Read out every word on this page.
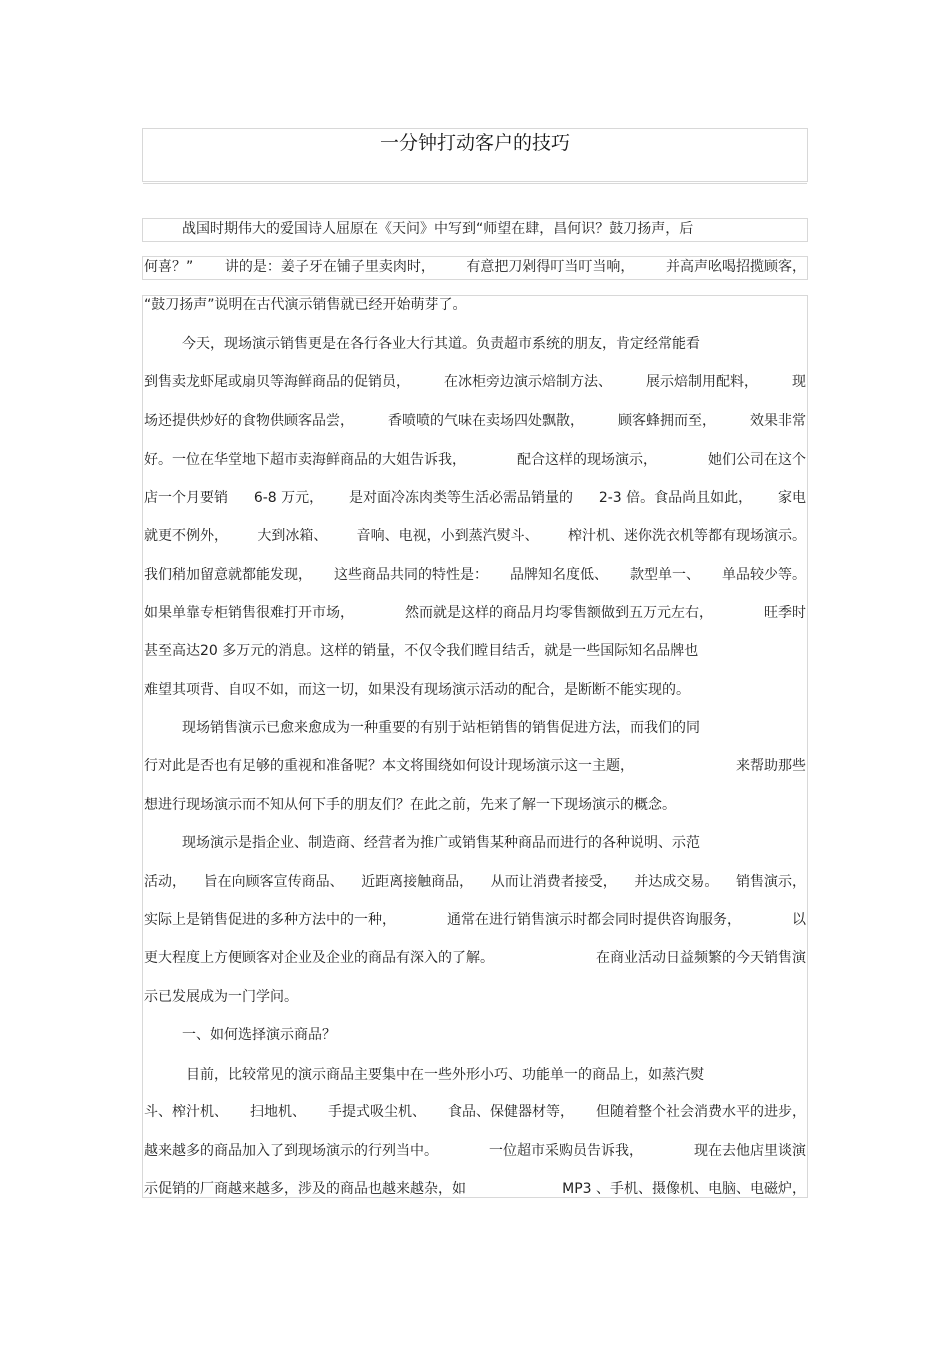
一分钟打动客户的技巧
战国时期伟大的爱国诗人屈原在《天问》中写到“师望在肆，昌何识？鼓刀扬声，后
何喜？” 讲的是：姜子牙在铺子里卖肉时， 有意把刀剁得叮当叮当响， 并高声吆喝招揽顾客，
“鼓刀扬声”说明在古代演示销售就已经开始萌芽了。
今天，现场演示销售更是在各行各业大行其道。负责超市系统的朋友，肯定经常能看
到售卖龙虾尾或扇贝等海鲜商品的促销员， 在冰柜旁边演示焙制方法、 展示焙制用配料， 现
场还提供炒好的食物供顾客品尝， 香喷喷的气味在卖场四处飘散， 顾客蜂拥而至， 效果非常
好。一位在华堂地下超市卖海鲜商品的大姐告诉我，	配合这样的现场演示，	她们公司在这个
店一个月要销 6-8 万元， 是对面冷冻肉类等生活必需品销量的 2-3 倍。食品尚且如此， 家电
就更不例外， 大到冰箱、 音响、电视，小到蒸汽熨斗、 榨汁机、迷你洗衣机等都有现场演示。
我们稍加留意就都能发现， 这些商品共同的特性是： 品牌知名度低、 款型单一、 单品较少等。
如果单靠专柜销售很难打开市场，	然而就是这样的商品月均零售额做到五万元左右，	旺季时
甚至高达20 多万元的消息。这样的销量，不仅令我们瞠目结舌，就是一些国际知名品牌也
难望其项背、自叹不如，而这一切，如果没有现场演示活动的配合，是断断不能实现的。
现场销售演示已愈来愈成为一种重要的有别于站柜销售的销售促进方法，而我们的同
行对此是否也有足够的重视和准备呢？本文将围绕如何设计现场演示这一主题，	来帮助那些
想进行现场演示而不知从何下手的朋友们？在此之前，先来了解一下现场演示的概念。
现场演示是指企业、制造商、经营者为推广或销售某种商品而进行的各种说明、示范
活动， 旨在向顾客宣传商品、 近距离接触商品， 从而让消费者接受， 并达成交易。 销售演示，
实际上是销售促进的多种方法中的一种，	通常在进行销售演示时都会同时提供咨询服务，	以
更大程度上方便顾客对企业及企业的商品有深入的了解。	在商业活动日益频繁的今天销售演
示已发展成为一门学问。
一、如何选择演示商品？
目前，比较常见的演示商品主要集中在一些外形小巧、功能单一的商品上，如蒸汽熨
斗、榨汁机、 扫地机、 手提式吸尘机、 食品、保健器材等， 但随着整个社会消费水平的进步，
越来越多的商品加入了到现场演示的行列当中。	一位超市采购员告诉我，	现在去他店里谈演
示促销的厂商越来越多，涉及的商品也越来越杂，如	MP3 、手机、摄像机、电脑、电磁炉，
